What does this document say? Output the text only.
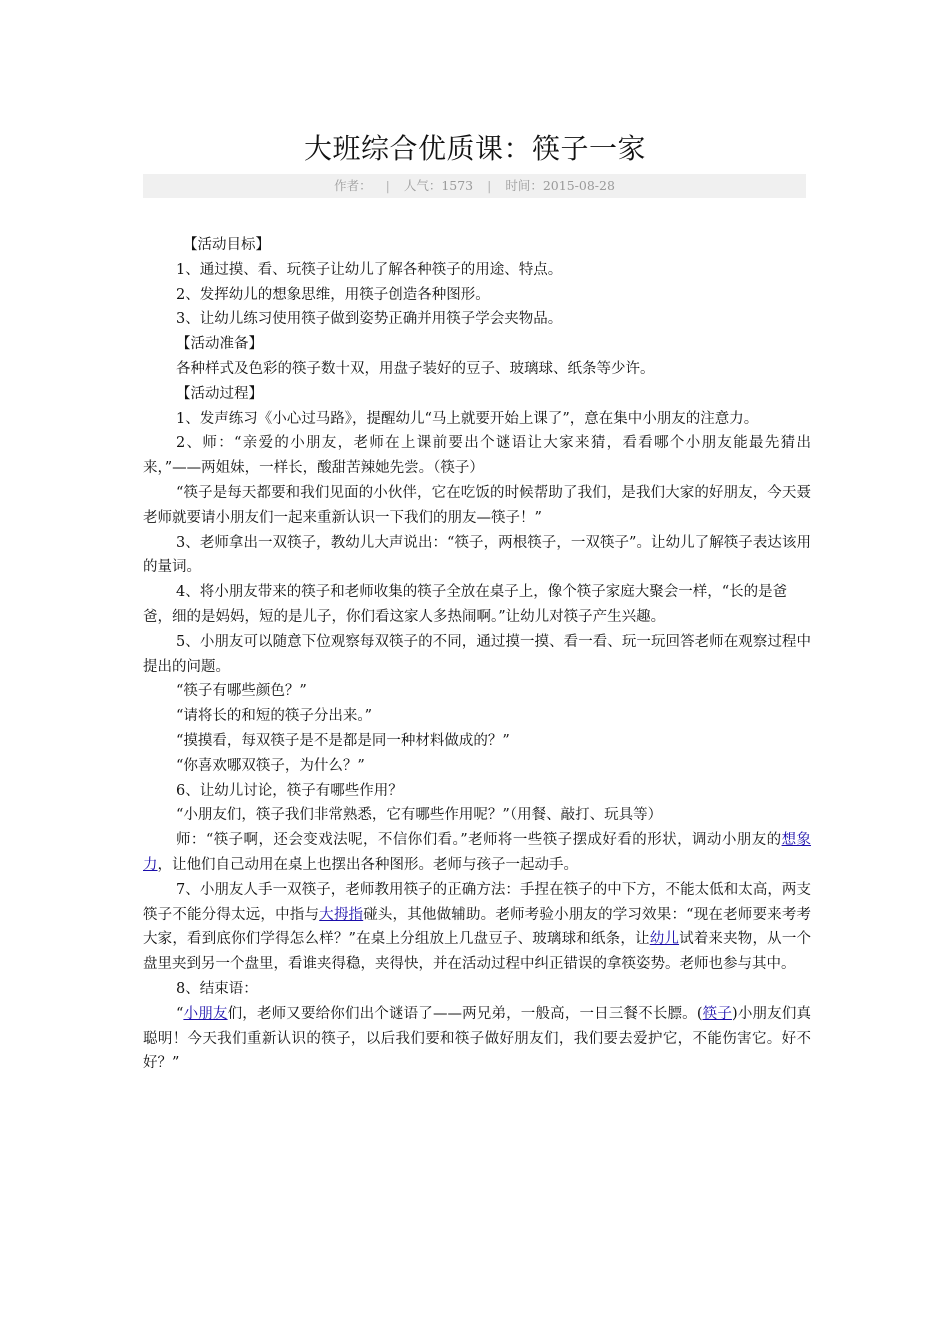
大班综合优质课：筷子一家
作者： | 人气：1573 | 时间：2015-08-28

【活动目标】

1、通过摸、看、玩筷子让幼儿了解各种筷子的用途、特点。

2、发挥幼儿的想象思维，用筷子创造各种图形。

3、让幼儿练习使用筷子做到姿势正确并用筷子学会夹物品。

【活动准备】

各种样式及色彩的筷子数十双，用盘子装好的豆子、玻璃球、纸条等少许。

【活动过程】

1、发声练习《小心过马路》，提醒幼儿“马上就要开始上课了”，意在集中小朋友的注意力。

2、师：“亲爱的小朋友，老师在上课前要出个谜语让大家来猜，看看哪个小朋友能最先猜出来，”——两姐妹，一样长，酸甜苦辣她先尝。（筷子）

“筷子是每天都要和我们见面的小伙伴，它在吃饭的时候帮助了我们，是我们大家的好朋友，今天聂老师就要请小朋友们一起来重新认识一下我们的朋友—筷子！”

3、老师拿出一双筷子，教幼儿大声说出：“筷子，两根筷子，一双筷子”。让幼儿了解筷子表达该用的量词。

4、将小朋友带来的筷子和老师收集的筷子全放在桌子上，像个筷子家庭大聚会一样，“长的是爸爸，细的是妈妈，短的是儿子，你们看这家人多热闹啊。”让幼儿对筷子产生兴趣。

5、小朋友可以随意下位观察每双筷子的不同，通过摸一摸、看一看、玩一玩回答老师在观察过程中提出的问题。

“筷子有哪些颜色？”

“请将长的和短的筷子分出来。”

“摸摸看，每双筷子是不是都是同一种材料做成的？”

“你喜欢哪双筷子，为什么？”

6、让幼儿讨论，筷子有哪些作用？

“小朋友们，筷子我们非常熟悉，它有哪些作用呢？”（用餐、敲打、玩具等）

师：“筷子啊，还会变戏法呢，不信你们看。”老师将一些筷子摆成好看的形状，调动小朋友的想象力，让他们自己动用在桌上也摆出各种图形。老师与孩子一起动手。

7、小朋友人手一双筷子，老师教用筷子的正确方法：手捏在筷子的中下方，不能太低和太高，两支筷子不能分得太远，中指与大拇指碰头，其他做辅助。老师考验小朋友的学习效果：“现在老师要来考考大家，看到底你们学得怎么样？”在桌上分组放上几盘豆子、玻璃球和纸条，让幼儿试着来夹物，从一个盘里夹到另一个盘里，看谁夹得稳，夹得快，并在活动过程中纠正错误的拿筷姿势。老师也参与其中。

8、结束语：

“小朋友们，老师又要给你们出个谜语了——两兄弟，一般高，一日三餐不长膘。(筷子)小朋友们真聪明！今天我们重新认识的筷子，以后我们要和筷子做好朋友们，我们要去爱护它，不能伤害它。好不好？”
